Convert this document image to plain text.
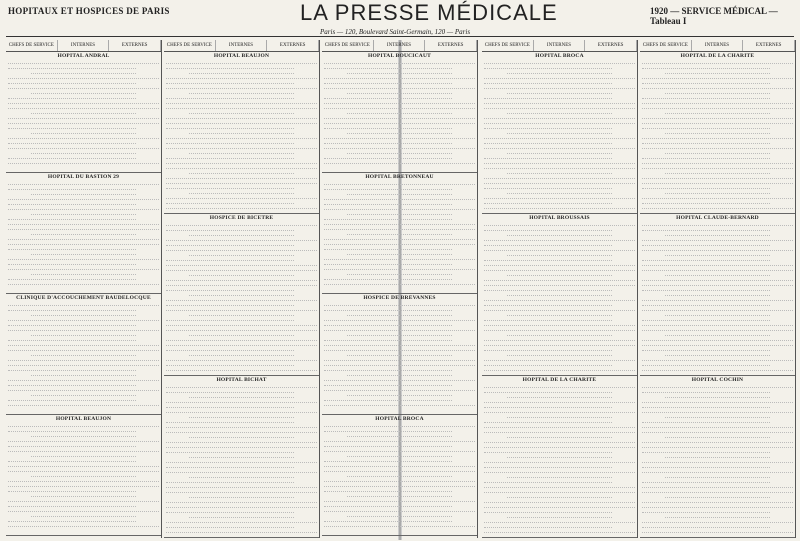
HOPITAUX ET HOSPICES DE PARIS	LA PRESSE MÉDICALE	1920 — SERVICE MÉDICAL — Tableau I
Paris — 120, Boulevard Saint-Germain, 120 — Paris
CHEFS DE SERVICE	INTERNES	EXTERNES
HOPITAL ANDRAL
HOPITAL DU BASTION 29
CLINIQUE D'ACCOUCHEMENT BAUDELOCQUE
HOPITAL BEAUJON
CHEFS DE SERVICE	INTERNES	EXTERNES
HOPITAL BEAUJON
HOSPICE DE BICETRE
HOPITAL BICHAT
CHEFS DE SERVICE	INTERNES	EXTERNES
HOPITAL BOUCICAUT
HOPITAL BRETONNEAU
HOSPICE DE BRÉVANNES
HOPITAL BROCA
CHEFS DE SERVICE	INTERNES	EXTERNES
HOPITAL BROCA
HOPITAL BROUSSAIS
HOPITAL DE LA CHARITÉ
CHEFS DE SERVICE	INTERNES	EXTERNES
HOPITAL DE LA CHARITÉ
HOPITAL CLAUDE-BERNARD
HOPITAL COCHIN
